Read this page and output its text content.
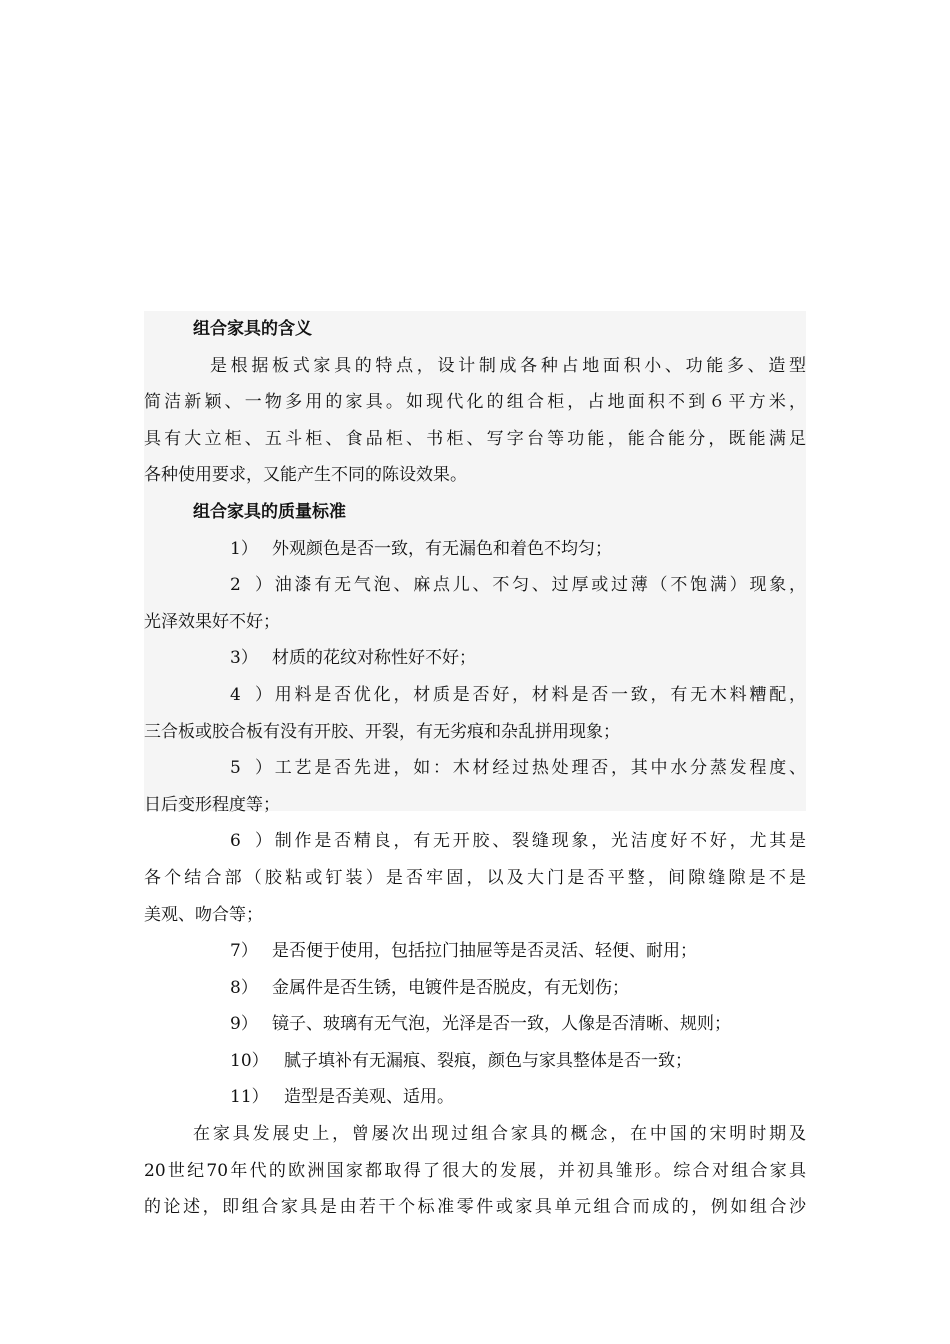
组合家具的含义
是根据板式家具的特点，设计制成各种占地面积小、功能多、造型
简洁新颖、一物多用的家具。如现代化的组合柜，占地面积不到６平方米，
具有大立柜、五斗柜、食品柜、书柜、写字台等功能，能合能分，既能满足
各种使用要求，又能产生不同的陈设效果。
组合家具的质量标准
1） 外观颜色是否一致，有无漏色和着色不均匀；
2）油漆有无气泡、麻点儿、不匀、过厚或过薄（不饱满）现象，
光泽效果好不好；
3） 材质的花纹对称性好不好；
4）用料是否优化，材质是否好，材料是否一致，有无木料糟配，
三合板或胶合板有没有开胶、开裂，有无劣痕和杂乱拼用现象；
5）工艺是否先进，如：木材经过热处理否，其中水分蒸发程度、
日后变形程度等；
6）制作是否精良，有无开胶、裂缝现象，光洁度好不好，尤其是
各个结合部（胶粘或钉装）是否牢固，以及大门是否平整，间隙缝隙是不是
美观、吻合等；
7） 是否便于使用，包括拉门抽屉等是否灵活、轻便、耐用；
8） 金属件是否生锈，电镀件是否脱皮，有无划伤；
9） 镜子、玻璃有无气泡，光泽是否一致，人像是否清晰、规则；
10） 腻子填补有无漏痕、裂痕，颜色与家具整体是否一致；
11） 造型是否美观、适用。
在家具发展史上，曾屡次出现过组合家具的概念，在中国的宋明时期及
20世纪70年代的欧洲国家都取得了很大的发展，并初具雏形。综合对组合家具
的论述，即组合家具是由若干个标准零件或家具单元组合而成的，例如组合沙
